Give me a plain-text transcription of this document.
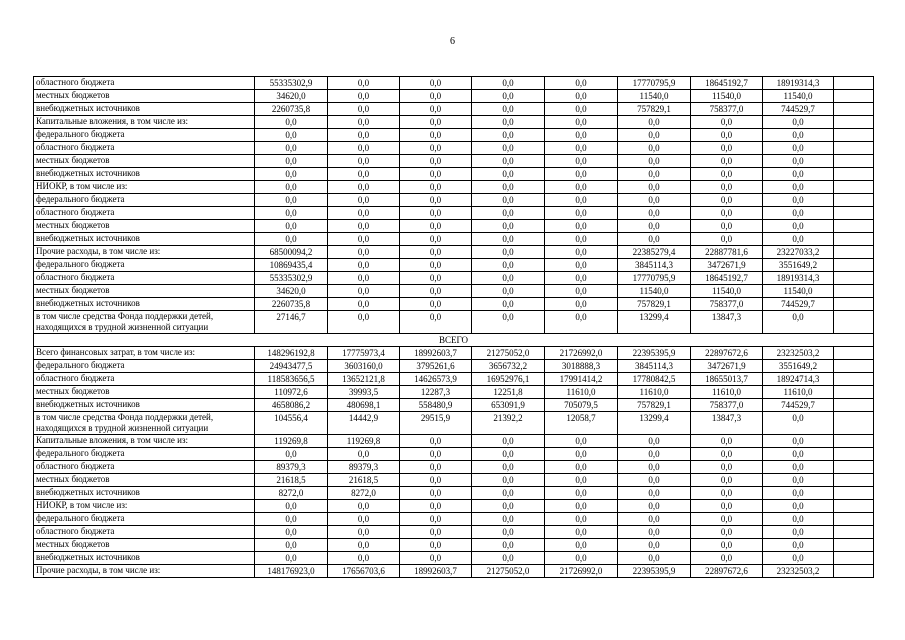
6
областного бюджета	55335302,9	0,0	0,0	0,0	0,0	17770795,9	18645192,7	18919314,3	
местных бюджетов	34620,0	0,0	0,0	0,0	0,0	11540,0	11540,0	11540,0	
внебюджетных источников	2260735,8	0,0	0,0	0,0	0,0	757829,1	758377,0	744529,7	
Капитальные вложения, в том числе из:	0,0	0,0	0,0	0,0	0,0	0,0	0,0	0,0	
федерального бюджета	0,0	0,0	0,0	0,0	0,0	0,0	0,0	0,0	
областного бюджета	0,0	0,0	0,0	0,0	0,0	0,0	0,0	0,0	
местных бюджетов	0,0	0,0	0,0	0,0	0,0	0,0	0,0	0,0	
внебюджетных источников	0,0	0,0	0,0	0,0	0,0	0,0	0,0	0,0	
НИОКР, в том числе из:	0,0	0,0	0,0	0,0	0,0	0,0	0,0	0,0	
федерального бюджета	0,0	0,0	0,0	0,0	0,0	0,0	0,0	0,0	
областного бюджета	0,0	0,0	0,0	0,0	0,0	0,0	0,0	0,0	
местных бюджетов	0,0	0,0	0,0	0,0	0,0	0,0	0,0	0,0	
внебюджетных источников	0,0	0,0	0,0	0,0	0,0	0,0	0,0	0,0	
Прочие расходы, в том числе из:	68500094,2	0,0	0,0	0,0	0,0	22385279,4	22887781,6	23227033,2	
федерального бюджета	10869435,4	0,0	0,0	0,0	0,0	3845114,3	3472671,9	3551649,2	
областного бюджета	55335302,9	0,0	0,0	0,0	0,0	17770795,9	18645192,7	18919314,3	
местных бюджетов	34620,0	0,0	0,0	0,0	0,0	11540,0	11540,0	11540,0	
внебюджетных источников	2260735,8	0,0	0,0	0,0	0,0	757829,1	758377,0	744529,7	
в том числе средства Фонда поддержки детей, находящихся в трудной жизненной ситуации	27146,7	0,0	0,0	0,0	0,0	13299,4	13847,3	0,0	
ВСЕГО									
Всего финансовых затрат, в том числе из:	148296192,8	17775973,4	18992603,7	21275052,0	21726992,0	22395395,9	22897672,6	23232503,2	
федерального бюджета	24943477,5	3603160,0	3795261,6	3656732,2	3018888,3	3845114,3	3472671,9	3551649,2	
областного бюджета	118583656,5	13652121,8	14626573,9	16952976,1	17991414,2	17780842,5	18655013,7	18924714,3	
местных бюджетов	110972,6	39993,5	12287,3	12251,8	11610,0	11610,0	11610,0	11610,0	
внебюджетных источников	4658086,2	480698,1	558480,9	653091,9	705079,5	757829,1	758377,0	744529,7	
в том числе средства Фонда поддержки детей, находящихся в трудной жизненной ситуации	104556,4	14442,9	29515,9	21392,2	12058,7	13299,4	13847,3	0,0	
Капитальные вложения, в том числе из:	119269,8	119269,8	0,0	0,0	0,0	0,0	0,0	0,0	
федерального бюджета	0,0	0,0	0,0	0,0	0,0	0,0	0,0	0,0	
областного бюджета	89379,3	89379,3	0,0	0,0	0,0	0,0	0,0	0,0	
местных бюджетов	21618,5	21618,5	0,0	0,0	0,0	0,0	0,0	0,0	
внебюджетных источников	8272,0	8272,0	0,0	0,0	0,0	0,0	0,0	0,0	
НИОКР, в том числе из:	0,0	0,0	0,0	0,0	0,0	0,0	0,0	0,0	
федерального бюджета	0,0	0,0	0,0	0,0	0,0	0,0	0,0	0,0	
областного бюджета	0,0	0,0	0,0	0,0	0,0	0,0	0,0	0,0	
местных бюджетов	0,0	0,0	0,0	0,0	0,0	0,0	0,0	0,0	
внебюджетных источников	0,0	0,0	0,0	0,0	0,0	0,0	0,0	0,0	
Прочие расходы, в том числе из:	148176923,0	17656703,6	18992603,7	21275052,0	21726992,0	22395395,9	22897672,6	23232503,2	
